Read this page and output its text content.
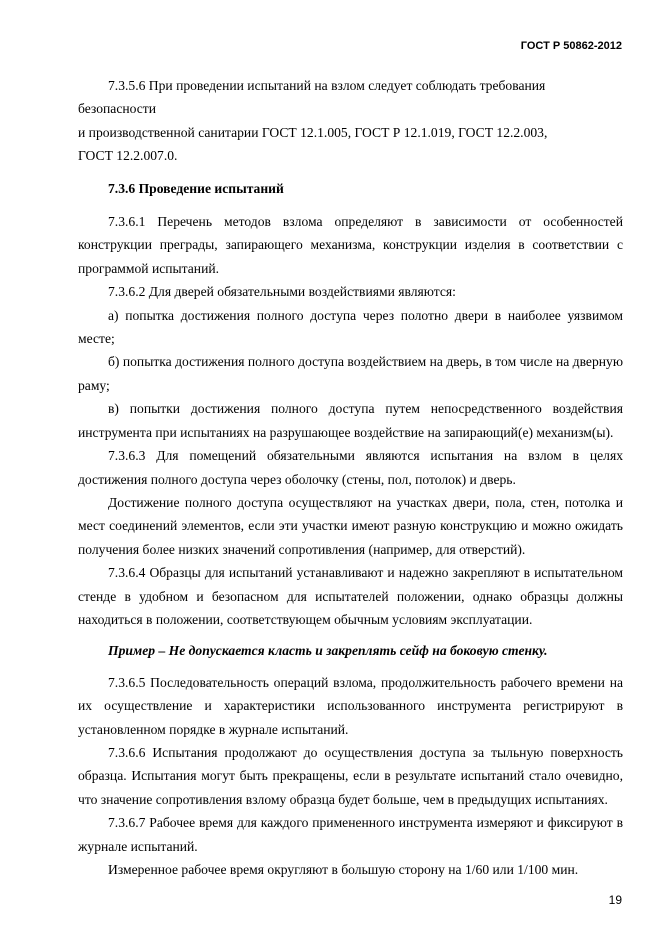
ГОСТ Р 50862-2012

7.3.5.6 При проведении испытаний на взлом следует соблюдать требования безопасности

и производственной санитарии ГОСТ 12.1.005, ГОСТ Р 12.1.019, ГОСТ 12.2.003,

ГОСТ 12.2.007.0.

7.3.6 Проведение испытаний

7.3.6.1 Перечень методов взлома определяют в зависимости от особенностей конструкции преграды, запирающего механизма, конструкции изделия в соответствии с программой испытаний.

7.3.6.2 Для дверей обязательными воздействиями являются:

а) попытка достижения полного доступа через полотно двери в наиболее уязвимом месте;

б) попытка достижения полного доступа воздействием на дверь, в том числе на дверную раму;

в) попытки достижения полного доступа путем непосредственного воздействия инструмента при испытаниях на разрушающее воздействие на запирающий(е) механизм(ы).

7.3.6.3 Для помещений обязательными являются испытания на взлом в целях достижения полного доступа через оболочку (стены, пол, потолок) и дверь.

Достижение полного доступа осуществляют на участках двери, пола, стен, потолка и мест соединений элементов, если эти участки имеют разную конструкцию и можно ожидать получения более низких значений сопротивления (например, для отверстий).

7.3.6.4 Образцы для испытаний устанавливают и надежно закрепляют в испытательном стенде в удобном и безопасном для испытателей положении, однако образцы должны находиться в положении, соответствующем обычным условиям эксплуатации.

Пример – Не допускается класть и закреплять сейф на боковую стенку.

7.3.6.5 Последовательность операций взлома, продолжительность рабочего времени на их осуществление и характеристики использованного инструмента регистрируют в установленном порядке в журнале испытаний.

7.3.6.6 Испытания продолжают до осуществления доступа за тыльную поверхность образца. Испытания могут быть прекращены, если в результате испытаний стало очевидно, что значение сопротивления взлому образца будет больше, чем в предыдущих испытаниях.

7.3.6.7 Рабочее время для каждого примененного инструмента измеряют и фиксируют в журнале испытаний.

Измеренное рабочее время округляют в большую сторону на 1/60 или 1/100 мин.

19
